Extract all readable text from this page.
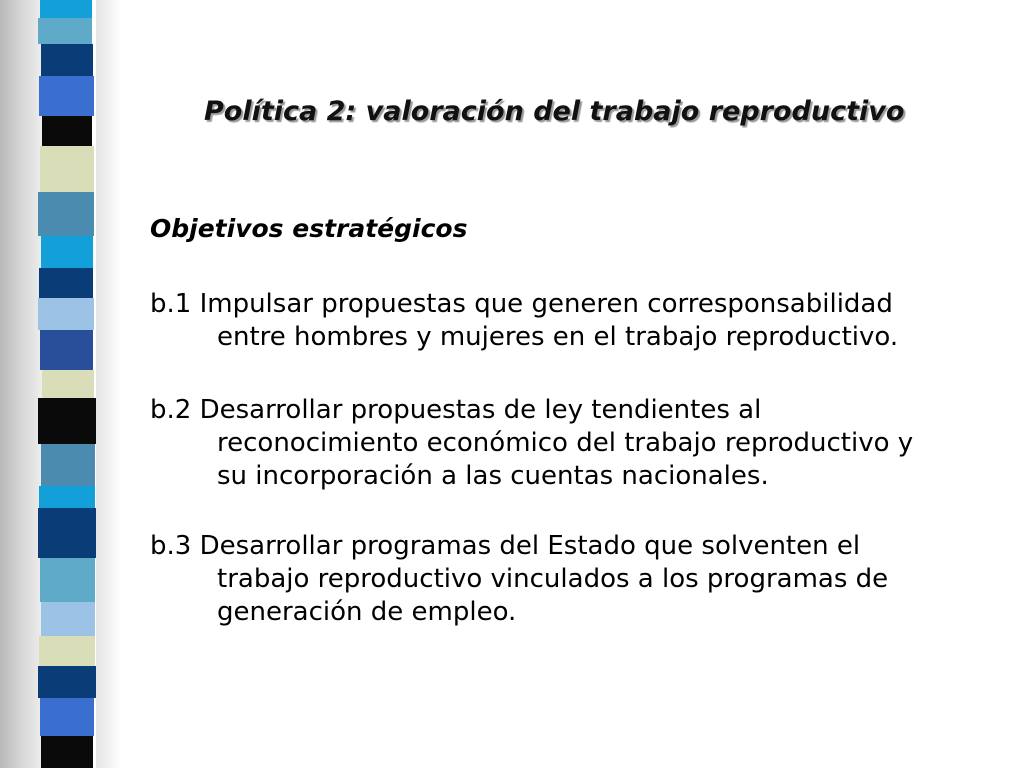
Política 2: valoración del trabajo reproductivo
Objetivos estratégicos

b.1 Impulsar propuestas que generen corresponsabilidad
entre hombres y mujeres en el trabajo reproductivo.

b.2 Desarrollar propuestas de ley tendientes al
reconocimiento económico del trabajo reproductivo y
su incorporación a las cuentas nacionales.

b.3 Desarrollar programas del Estado que solventen el
trabajo reproductivo vinculados a los programas de
generación de empleo.
